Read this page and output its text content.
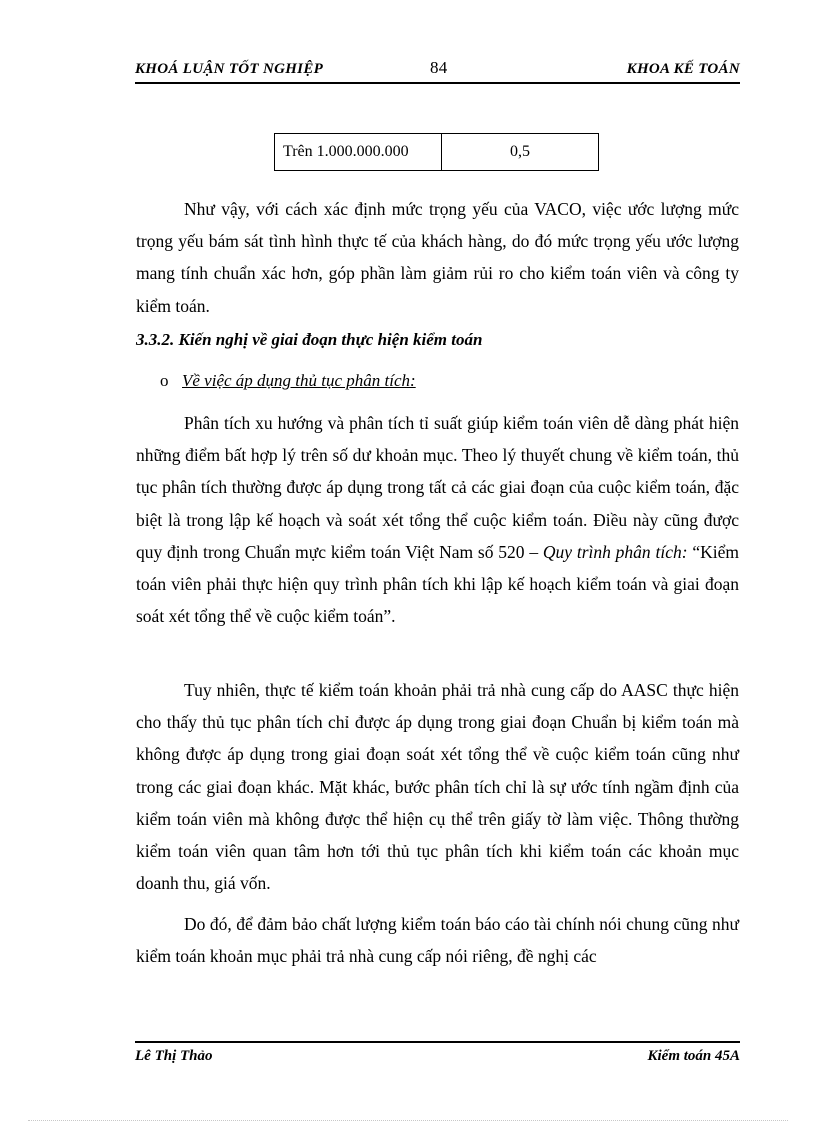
KHOÁ LUẬN TỐT NGHIỆP	84	KHOA KẾ TOÁN
Trên 1.000.000.000	0,5

Như vậy, với cách xác định mức trọng yếu của VACO, việc ước lượng mức trọng yếu bám sát tình hình thực tế của khách hàng, do đó mức trọng yếu ước lượng mang tính chuẩn xác hơn, góp phần làm giảm rủi ro cho kiểm toán viên và công ty kiểm toán.

3.3.2. Kiến nghị về giai đoạn thực hiện kiểm toán
o Về việc áp dụng thủ tục phân tích:

Phân tích xu hướng và phân tích tỉ suất giúp kiểm toán viên dễ dàng phát hiện những điểm bất hợp lý trên số dư khoản mục. Theo lý thuyết chung về kiểm toán, thủ tục phân tích thường được áp dụng trong tất cả các giai đoạn của cuộc kiểm toán, đặc biệt là trong lập kế hoạch và soát xét tổng thể cuộc kiểm toán. Điều này cũng được quy định trong Chuẩn mực kiểm toán Việt Nam số 520 – Quy trình phân tích: “Kiểm toán viên phải thực hiện quy trình phân tích khi lập kế hoạch kiểm toán và giai đoạn soát xét tổng thể về cuộc kiểm toán”.

Tuy nhiên, thực tế kiểm toán khoản phải trả nhà cung cấp do AASC thực hiện cho thấy thủ tục phân tích chỉ được áp dụng trong giai đoạn Chuẩn bị kiểm toán mà không được áp dụng trong giai đoạn soát xét tổng thể về cuộc kiểm toán cũng như trong các giai đoạn khác. Mặt khác, bước phân tích chỉ là sự ước tính ngầm định của kiểm toán viên mà không được thể hiện cụ thể trên giấy tờ làm việc. Thông thường kiểm toán viên quan tâm hơn tới thủ tục phân tích khi kiểm toán các khoản mục doanh thu, giá vốn.

Do đó, để đảm bảo chất lượng kiểm toán báo cáo tài chính nói chung cũng như kiểm toán khoản mục phải trả nhà cung cấp nói riêng, đề nghị các

Lê Thị Thảo	Kiểm toán 45A
